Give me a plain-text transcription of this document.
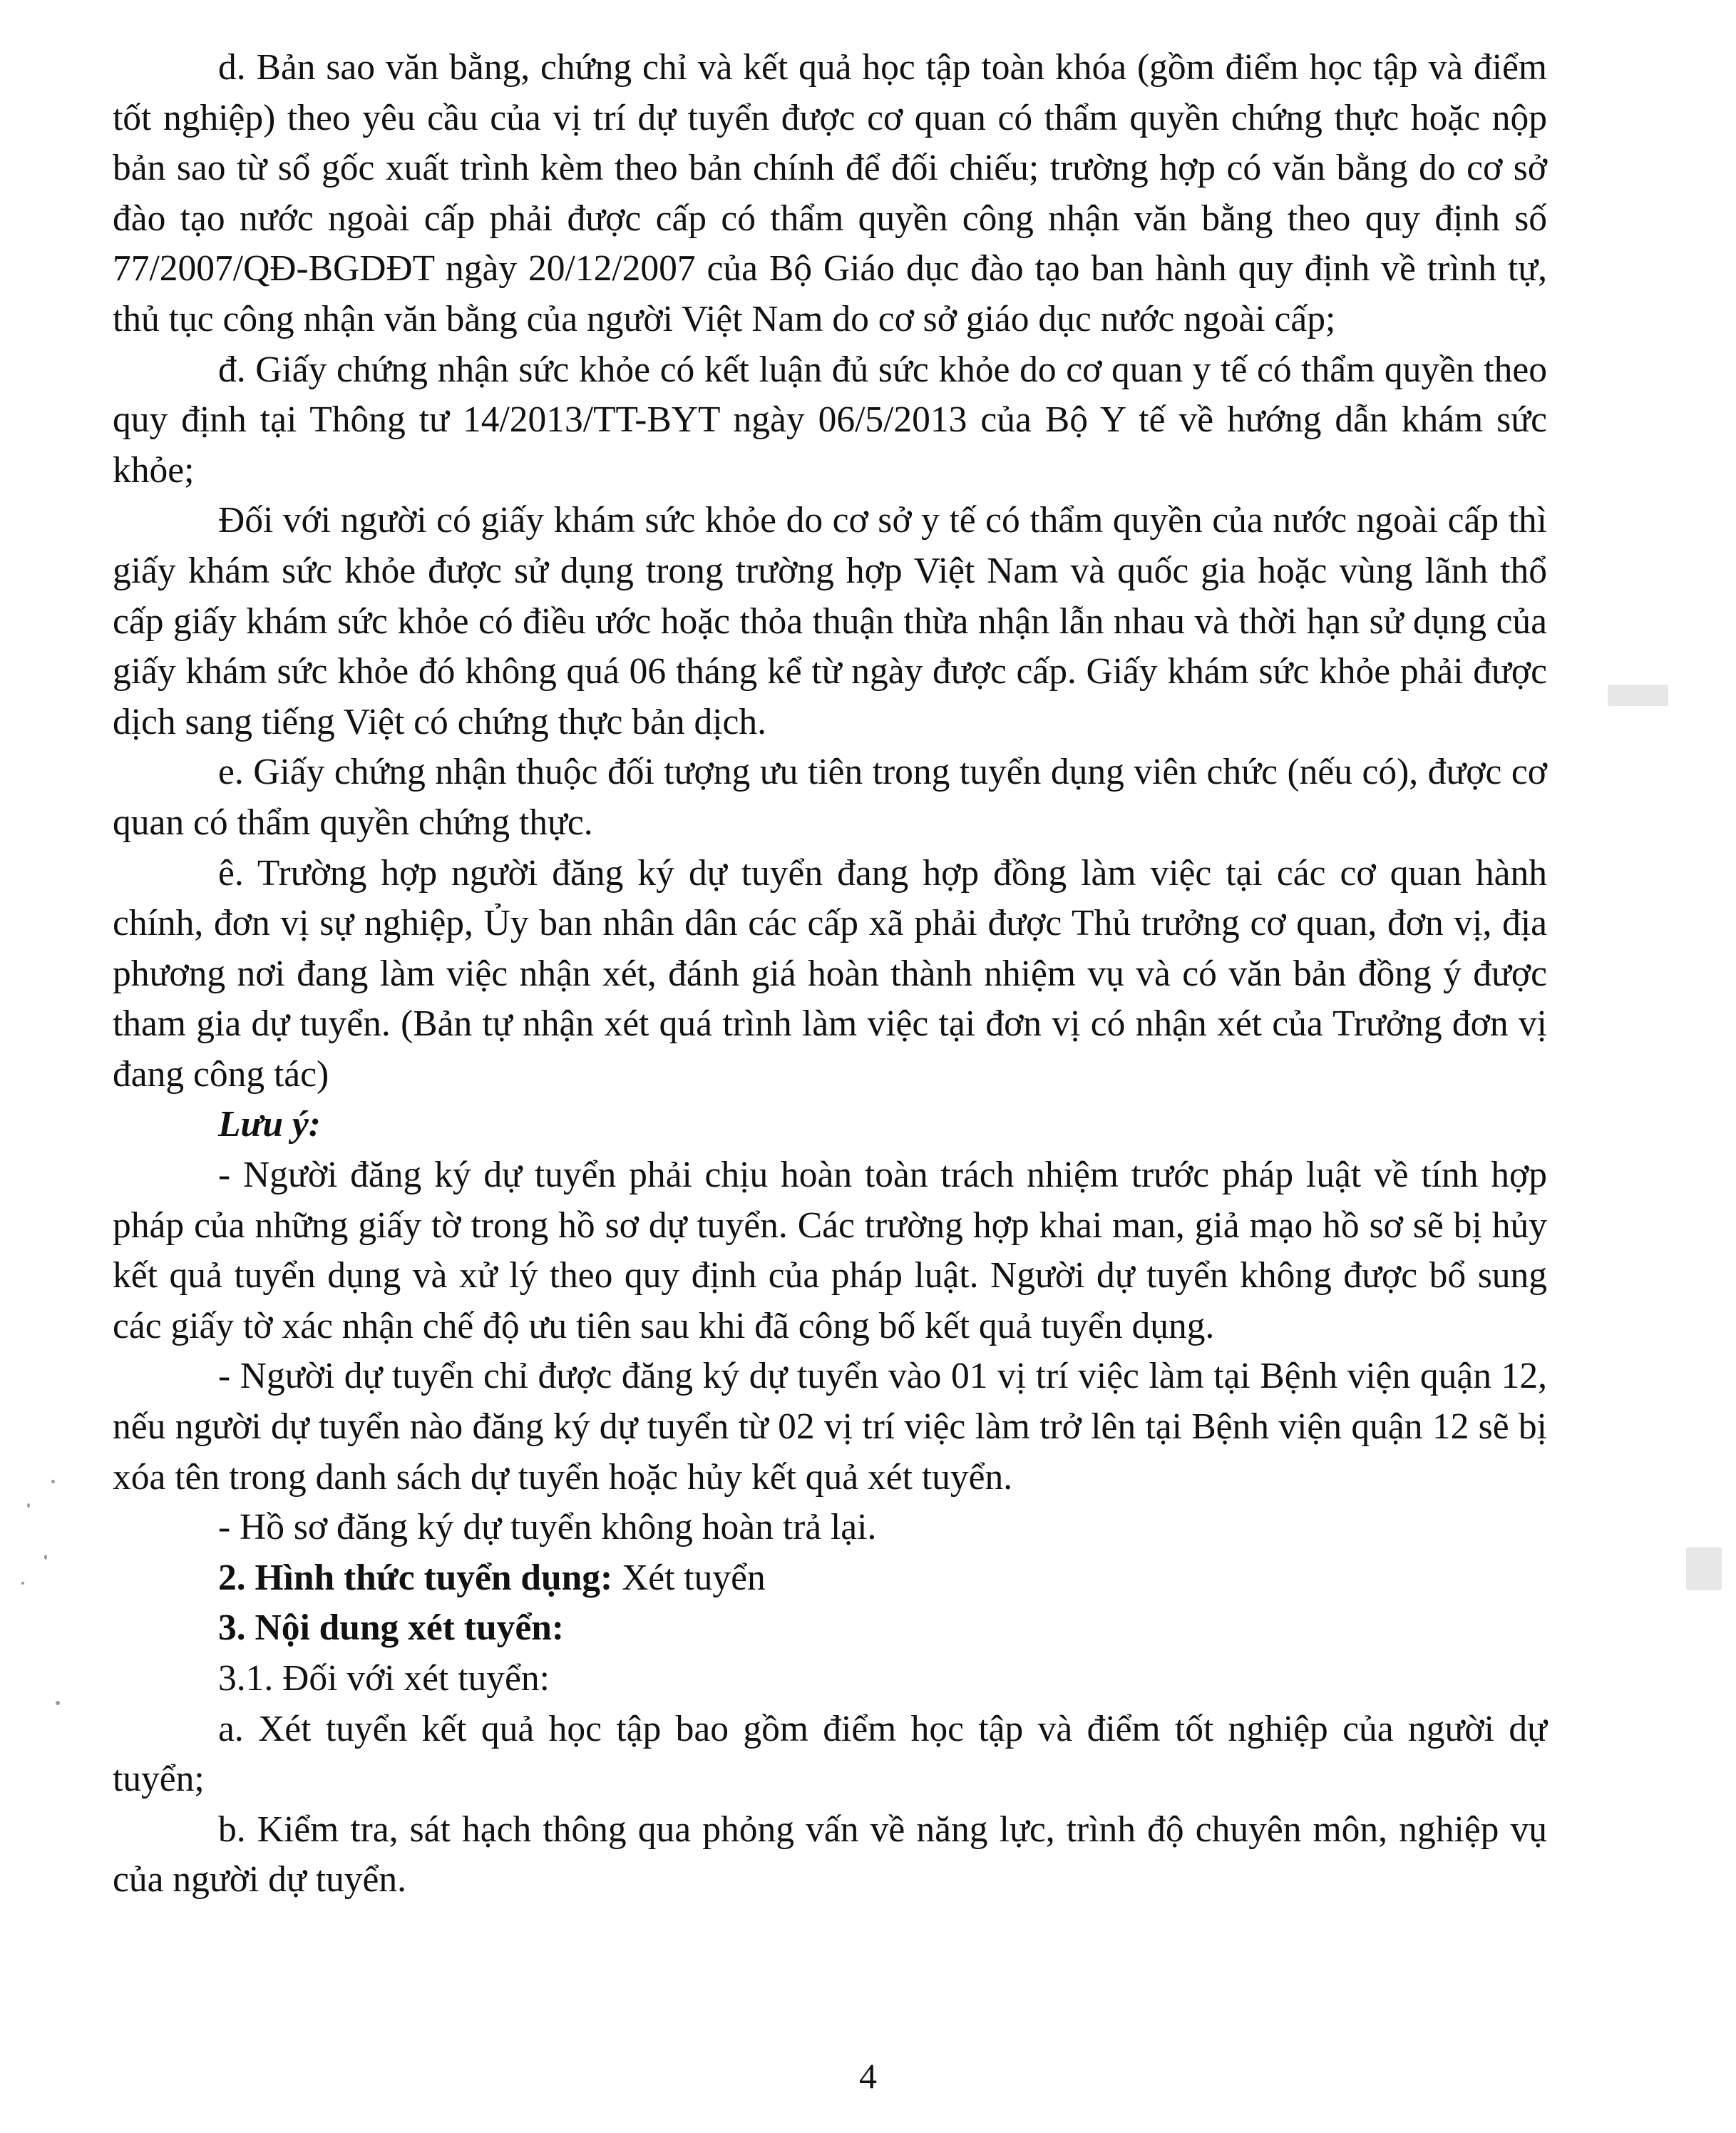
d. Bản sao văn bằng, chứng chỉ và kết quả học tập toàn khóa (gồm điểm học tập và điểm tốt nghiệp) theo yêu cầu của vị trí dự tuyển được cơ quan có thẩm quyền chứng thực hoặc nộp bản sao từ sổ gốc xuất trình kèm theo bản chính để đối chiếu; trường hợp có văn bằng do cơ sở đào tạo nước ngoài cấp phải được cấp có thẩm quyền công nhận văn bằng theo quy định số 77/2007/QĐ-BGDĐT ngày 20/12/2007 của Bộ Giáo dục đào tạo ban hành quy định về trình tự, thủ tục công nhận văn bằng của người Việt Nam do cơ sở giáo dục nước ngoài cấp;

đ. Giấy chứng nhận sức khỏe có kết luận đủ sức khỏe do cơ quan y tế có thẩm quyền theo quy định tại Thông tư 14/2013/TT-BYT ngày 06/5/2013 của Bộ Y tế về hướng dẫn khám sức khỏe;

Đối với người có giấy khám sức khỏe do cơ sở y tế có thẩm quyền của nước ngoài cấp thì giấy khám sức khỏe được sử dụng trong trường hợp Việt Nam và quốc gia hoặc vùng lãnh thổ cấp giấy khám sức khỏe có điều ước hoặc thỏa thuận thừa nhận lẫn nhau và thời hạn sử dụng của giấy khám sức khỏe đó không quá 06 tháng kể từ ngày được cấp. Giấy khám sức khỏe phải được dịch sang tiếng Việt có chứng thực bản dịch.

e. Giấy chứng nhận thuộc đối tượng ưu tiên trong tuyển dụng viên chức (nếu có), được cơ quan có thẩm quyền chứng thực.

ê. Trường hợp người đăng ký dự tuyển đang hợp đồng làm việc tại các cơ quan hành chính, đơn vị sự nghiệp, Ủy ban nhân dân các cấp xã phải được Thủ trưởng cơ quan, đơn vị, địa phương nơi đang làm việc nhận xét, đánh giá hoàn thành nhiệm vụ và có văn bản đồng ý được tham gia dự tuyển. (Bản tự nhận xét quá trình làm việc tại đơn vị có nhận xét của Trưởng đơn vị đang công tác)

Lưu ý:

- Người đăng ký dự tuyển phải chịu hoàn toàn trách nhiệm trước pháp luật về tính hợp pháp của những giấy tờ trong hồ sơ dự tuyển. Các trường hợp khai man, giả mạo hồ sơ sẽ bị hủy kết quả tuyển dụng và xử lý theo quy định của pháp luật. Người dự tuyển không được bổ sung các giấy tờ xác nhận chế độ ưu tiên sau khi đã công bố kết quả tuyển dụng.

- Người dự tuyển chỉ được đăng ký dự tuyển vào 01 vị trí việc làm tại Bệnh viện quận 12, nếu người dự tuyển nào đăng ký dự tuyển từ 02 vị trí việc làm trở lên tại Bệnh viện quận 12 sẽ bị xóa tên trong danh sách dự tuyển hoặc hủy kết quả xét tuyển.

- Hồ sơ đăng ký dự tuyển không hoàn trả lại.

2. Hình thức tuyển dụng: Xét tuyển

3. Nội dung xét tuyển:

3.1. Đối với xét tuyển:

a. Xét tuyển kết quả học tập bao gồm điểm học tập và điểm tốt nghiệp của người dự tuyển;

b. Kiểm tra, sát hạch thông qua phỏng vấn về năng lực, trình độ chuyên môn, nghiệp vụ của người dự tuyển.

4
